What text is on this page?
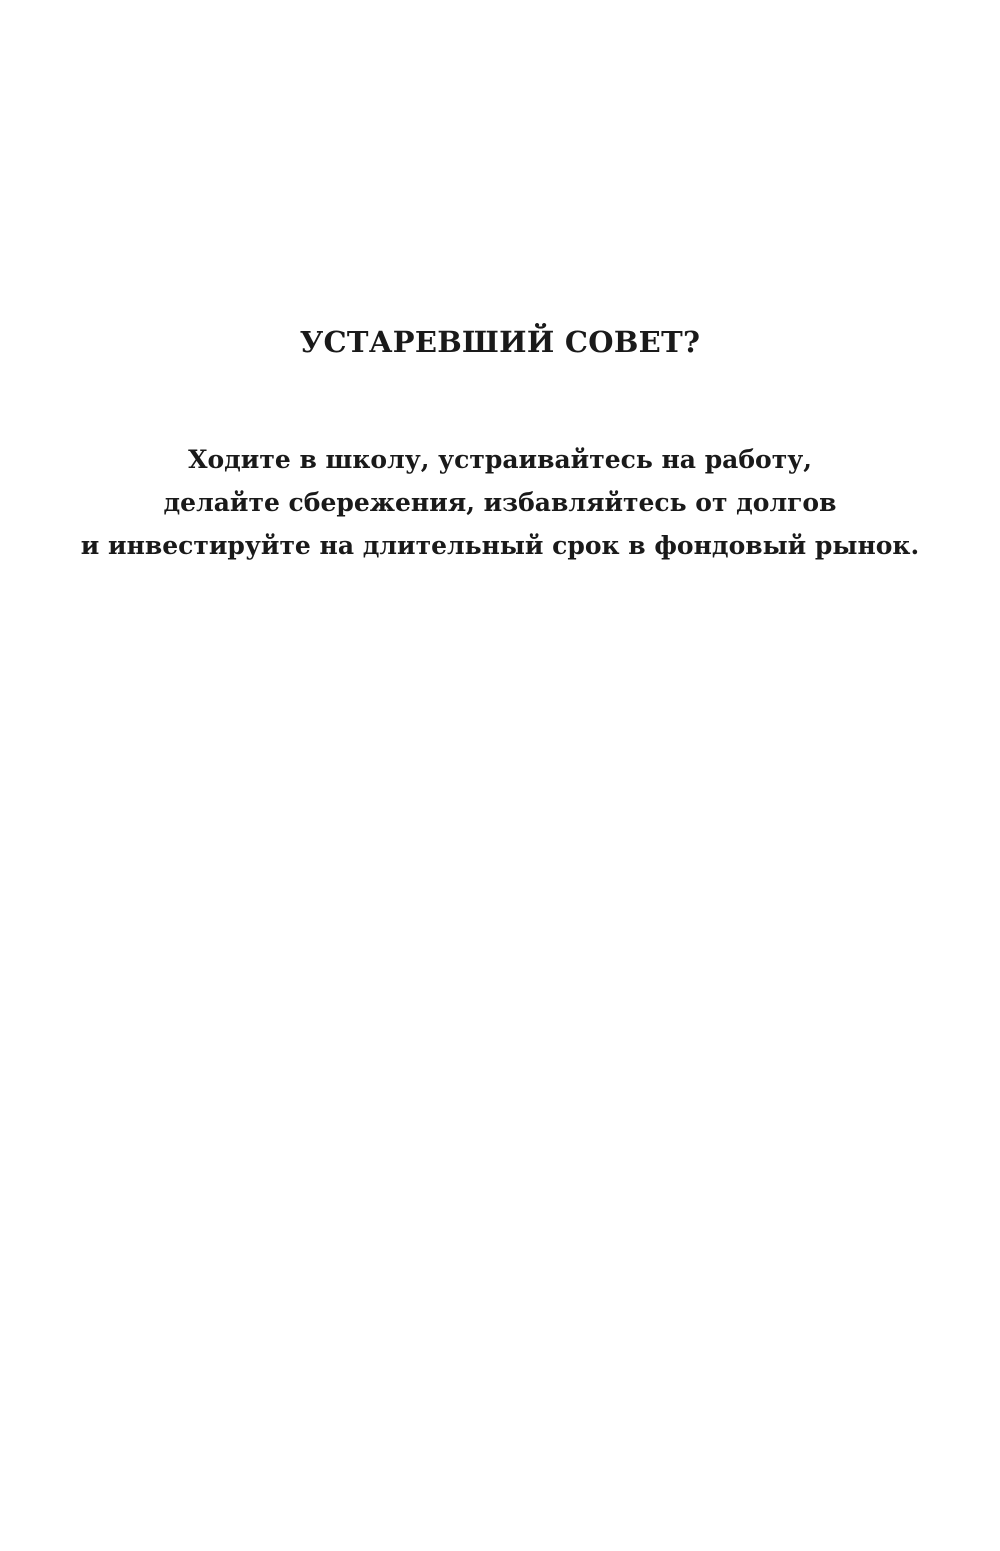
УСТАРЕВШИЙ СОВЕТ?
Ходите в школу, устраивайтесь на работу,
делайте сбережения, избавляйтесь от долгов
и инвестируйте на длительный срок в фондовый рынок.
